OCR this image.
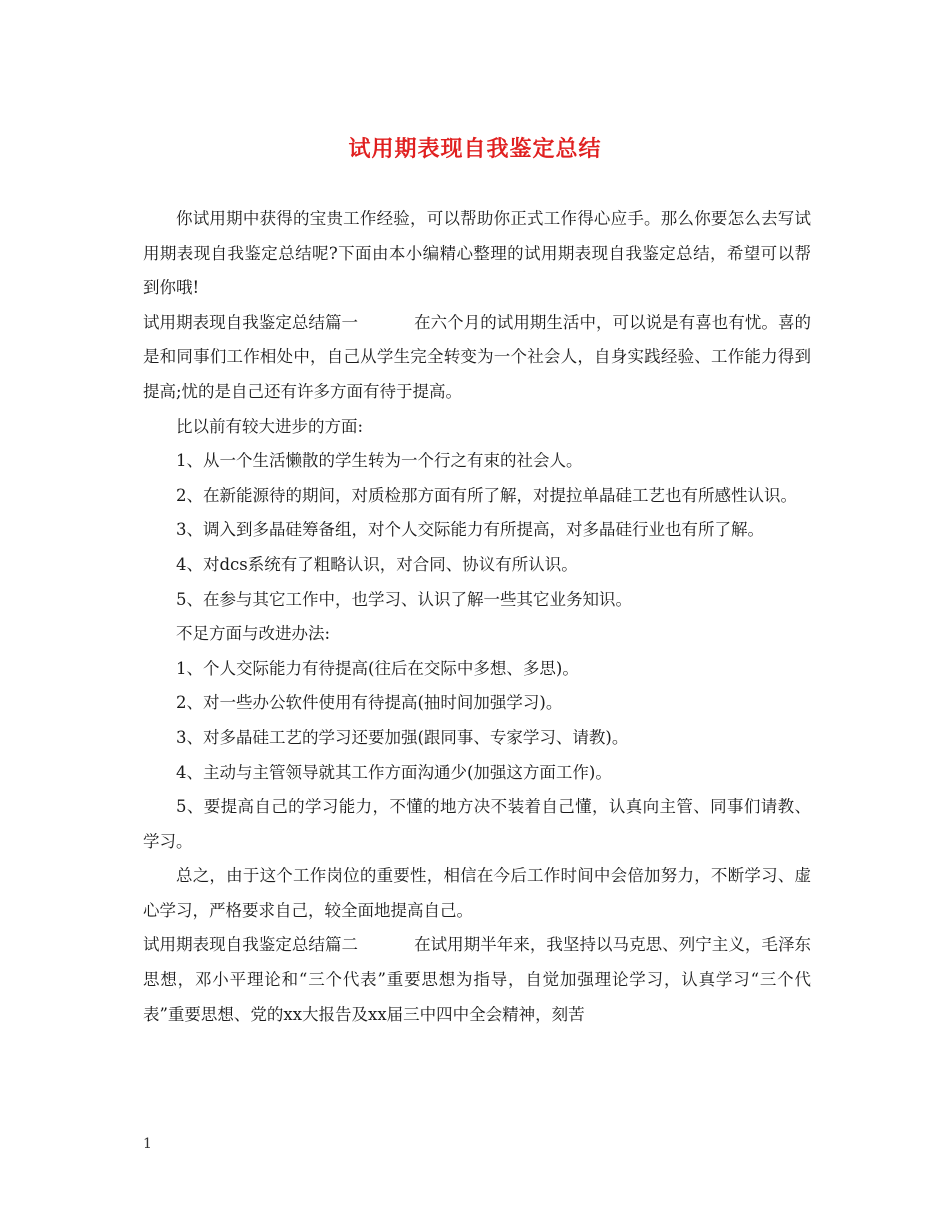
试用期表现自我鉴定总结

你试用期中获得的宝贵工作经验，可以帮助你正式工作得心应手。那么你要怎么去写试用期表现自我鉴定总结呢?下面由本小编精心整理的试用期表现自我鉴定总结，希望可以帮到你哦!

试用期表现自我鉴定总结篇一	在六个月的试用期生活中，可以说是有喜也有忧。喜的是和同事们工作相处中，自己从学生完全转变为一个社会人，自身实践经验、工作能力得到提高;忧的是自己还有许多方面有待于提高。

比以前有较大进步的方面:

1、从一个生活懒散的学生转为一个行之有束的社会人。

2、在新能源待的期间，对质检那方面有所了解，对提拉单晶硅工艺也有所感性认识。

3、调入到多晶硅筹备组，对个人交际能力有所提高，对多晶硅行业也有所了解。

4、对dcs系统有了粗略认识，对合同、协议有所认识。

5、在参与其它工作中，也学习、认识了解一些其它业务知识。

不足方面与改进办法:

1、个人交际能力有待提高(往后在交际中多想、多思)。

2、对一些办公软件使用有待提高(抽时间加强学习)。

3、对多晶硅工艺的学习还要加强(跟同事、专家学习、请教)。

4、主动与主管领导就其工作方面沟通少(加强这方面工作)。

5、要提高自己的学习能力，不懂的地方决不装着自己懂，认真向主管、同事们请教、学习。

总之，由于这个工作岗位的重要性，相信在今后工作时间中会倍加努力，不断学习、虚心学习，严格要求自己，较全面地提高自己。

试用期表现自我鉴定总结篇二	在试用期半年来，我坚持以马克思、列宁主义，毛泽东思想，邓小平理论和“三个代表”重要思想为指导，自觉加强理论学习，认真学习“三个代表”重要思想、党的xx大报告及xx届三中四中全会精神，刻苦

1
